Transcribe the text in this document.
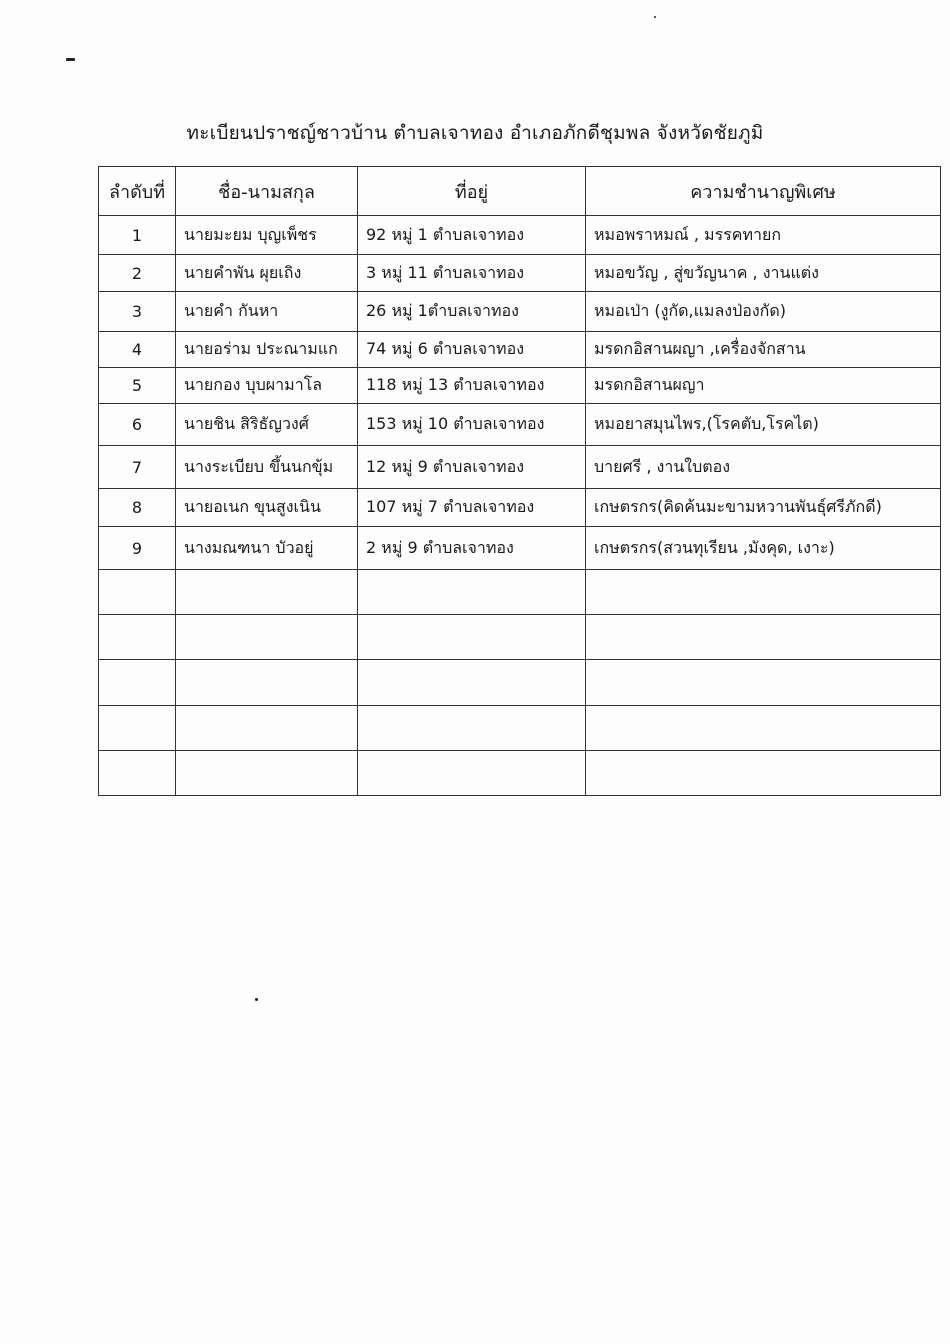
ทะเบียนปราชญ์ชาวบ้าน ตำบลเจาทอง อำเภอภักดีชุมพล จังหวัดชัยภูมิ
ลำดับที่	ชื่อ-นามสกุล	ที่อยู่	ความชำนาญพิเศษ
1	นายมะยม บุญเพ็ชร	92 หมู่ 1 ตำบลเจาทอง	หมอพราหมณ์ , มรรคทายก
2	นายคำพัน ผุยเถิง	3 หมู่ 11 ตำบลเจาทอง	หมอขวัญ , สู่ขวัญนาค , งานแต่ง
3	นายคำ กันหา	26 หมู่ 1ตำบลเจาทอง	หมอเป่า (งูกัด,แมลงป่องกัด)
4	นายอร่าม ประณามแก	74 หมู่ 6 ตำบลเจาทอง	มรดกอิสานผญา ,เครื่องจักสาน
5	นายกอง บุบผามาโล	118 หมู่ 13 ตำบลเจาทอง	มรดกอิสานผญา
6	นายชิน สิริธัญวงศ์	153 หมู่ 10 ตำบลเจาทอง	หมอยาสมุนไพร,(โรคตับ,โรคไต)
7	นางระเบียบ ขึ้นนกขุ้ม	12 หมู่ 9 ตำบลเจาทอง	บายศรี , งานใบตอง
8	นายอเนก ขุนสูงเนิน	107 หมู่ 7 ตำบลเจาทอง	เกษตรกร(คิดค้นมะขามหวานพันธุ์ศรีภักดี)
9	นางมณฑนา บัวอยู่	2 หมู่ 9 ตำบลเจาทอง	เกษตรกร(สวนทุเรียน ,มังคุด, เงาะ)
